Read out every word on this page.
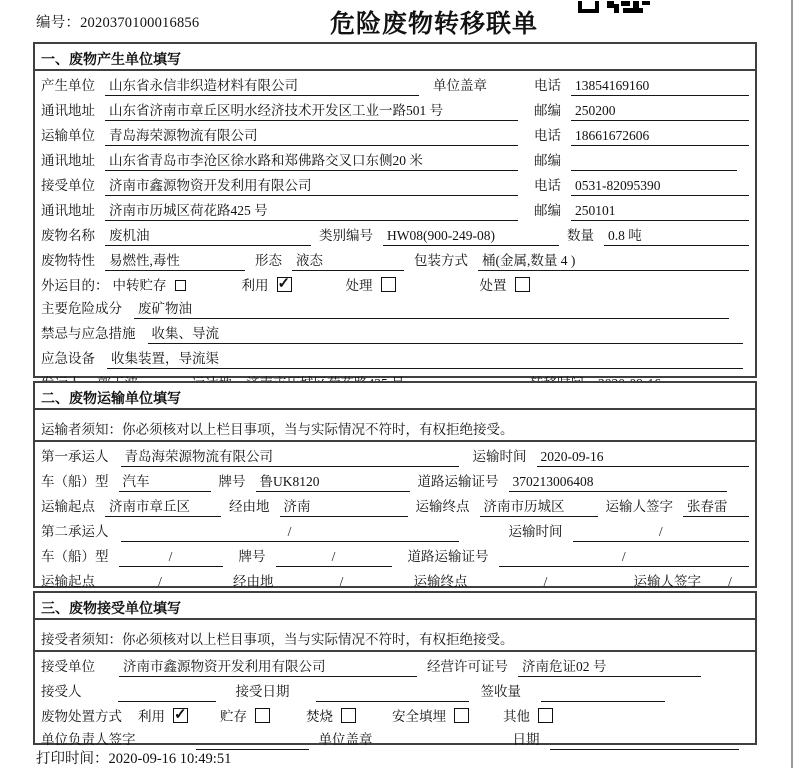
编号：2020370100016856	危险废物转移联单
一、废物产生单位填写
产生单位 山东省永信非织造材料有限公司	单位盖章	电话 13854169160
通讯地址 山东省济南市章丘区明水经济技术开发区工业一路501 号	邮编 250200
运输单位 青岛海荣源物流有限公司	电话 18661672606
通讯地址 山东省青岛市李沧区徐水路和郑佛路交叉口东侧20 米	邮编
接受单位 济南市鑫源物资开发利用有限公司	电话 0531-82095390
通讯地址 济南市历城区荷花路425 号	邮编 250101
废物名称 废机油	类别编号 HW08(900-249-08)	数量 0.8 吨
废物特性 易燃性,毒性	形态 液态	包装方式 桶(金属,数量 4 )
外运目的： 中转贮存	利用 ✓	处理	处置
主要危险成分 废矿物油
禁忌与应急措施 收集、导流
应急设备 收集装置，导流渠
二、废物运输单位填写
运输者须知：你必须核对以上栏目事项，当与实际情况不符时，有权拒绝接受。
第一承运人 青岛海荣源物流有限公司	运输时间 2020-09-16
车（船）型 汽车	牌号 鲁UK8120	道路运输证号 370213006408
运输起点 济南市章丘区	经由地 济南	运输终点 济南市历城区	运输人签字 张春雷
第二承运人	/	运输时间	/
车（船）型	/	牌号	/	道路运输证号	/
运输起点	/	经由地	/	运输终点	/	运输人签字	/
三、废物接受单位填写
接受者须知：你必须核对以上栏目事项，当与实际情况不符时，有权拒绝接受。
接受单位 济南市鑫源物资开发利用有限公司	经营许可证号 济南危证02 号
接受人	接受日期	签收量
废物处置方式 利用 ✓	贮存	焚烧	安全填埋	其他
单位负责人签字	单位盖章	日期
打印时间：2020-09-16 10:49:51
